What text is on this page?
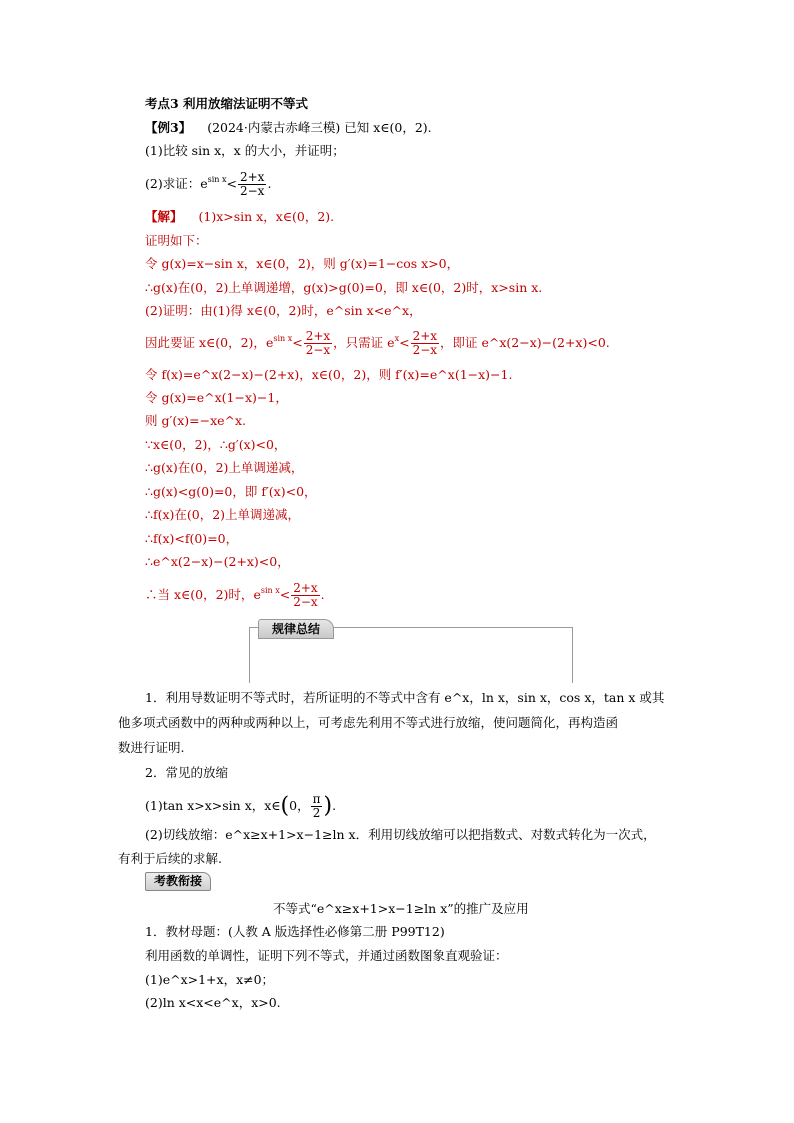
考点3 利用放缩法证明不等式
【例3】 (2024·内蒙古赤峰三模) 已知 x∈(0，2).
(1)比较 sin x，x 的大小，并证明；
(2)求证：$e^{sin x}< \frac{2+x}{2-x}$ .
【解】 (1)x>sin x，x∈(0，2).
证明如下：
令 g(x)=x−sin x，x∈(0，2)，则 g′(x)=1−cos x>0，
∴g(x)在(0，2)上单调递增，g(x)>g(0)=0，即 x∈(0，2)时，x>sin x.
(2)证明：由(1)得 x∈(0，2)时，e^sin x<e^x，
因此要证 x∈(0，2)，$e^{sin x}< \frac{2+x}{2-x}$ ，只需证 $e^x< \frac{2+x}{2-x}$ ，即证 e^x(2−x)−(2+x)<0.
令 f(x)=e^x(2−x)−(2+x)，x∈(0，2)，则 f′(x)=e^x(1−x)−1.
令 g(x)=e^x(1−x)−1，
则 g′(x)=−xe^x.
∵x∈(0，2)，∴g′(x)<0，
∴g(x)在(0，2)上单调递减，
∴g(x)<g(0)=0，即 f′(x)<0，
∴f(x)在(0，2)上单调递减，
∴f(x)<f(0)=0，
∴e^x(2−x)−(2+x)<0，
∴当 x∈(0，2)时，$e^{sin x}< \frac{2+x}{2-x}$ .
规律总结
1．利用导数证明不等式时，若所证明的不等式中含有 e^x，ln x，sin x，cos x，tan x 或其
他多项式函数中的两种或两种以上，可考虑先利用不等式进行放缩，使问题简化，再构造函
数进行证明.
2．常见的放缩
(1)tan x>x>sin x，x∈(0， $\frac{\pi}{2}$ ).
(2)切线放缩：e^x≥x+1>x−1≥ln x．利用切线放缩可以把指数式、对数式转化为一次式，
有利于后续的求解.
考教衔接
不等式“e^x≥x+1>x−1≥ln x”的推广及应用
1．教材母题：(人教 A 版选择性必修第二册 P99T12)
利用函数的单调性，证明下列不等式，并通过函数图象直观验证：
(1)e^x>1+x，x≠0；
(2)ln x<x<e^x，x>0.
